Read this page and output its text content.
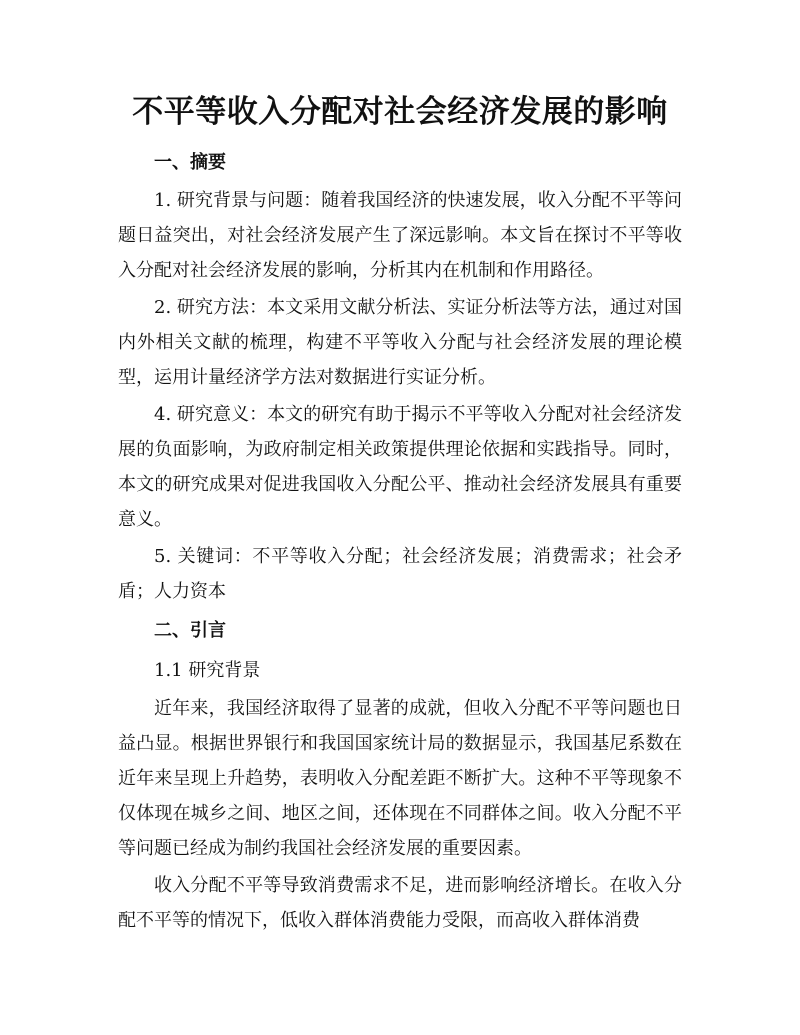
不平等收入分配对社会经济发展的影响

一、摘要

1. 研究背景与问题：随着我国经济的快速发展，收入分配不平等问题日益突出，对社会经济发展产生了深远影响。本文旨在探讨不平等收入分配对社会经济发展的影响，分析其内在机制和作用路径。

2. 研究方法：本文采用文献分析法、实证分析法等方法，通过对国内外相关文献的梳理，构建不平等收入分配与社会经济发展的理论模型，运用计量经济学方法对数据进行实证分析。

4. 研究意义：本文的研究有助于揭示不平等收入分配对社会经济发展的负面影响，为政府制定相关政策提供理论依据和实践指导。同时，本文的研究成果对促进我国收入分配公平、推动社会经济发展具有重要意义。

5. 关键词：不平等收入分配；社会经济发展；消费需求；社会矛盾；人力资本

二、引言

1.1 研究背景

近年来，我国经济取得了显著的成就，但收入分配不平等问题也日益凸显。根据世界银行和我国国家统计局的数据显示，我国基尼系数在近年来呈现上升趋势，表明收入分配差距不断扩大。这种不平等现象不仅体现在城乡之间、地区之间，还体现在不同群体之间。收入分配不平等问题已经成为制约我国社会经济发展的重要因素。

收入分配不平等导致消费需求不足，进而影响经济增长。在收入分配不平等的情况下，低收入群体消费能力受限，而高收入群体消费
